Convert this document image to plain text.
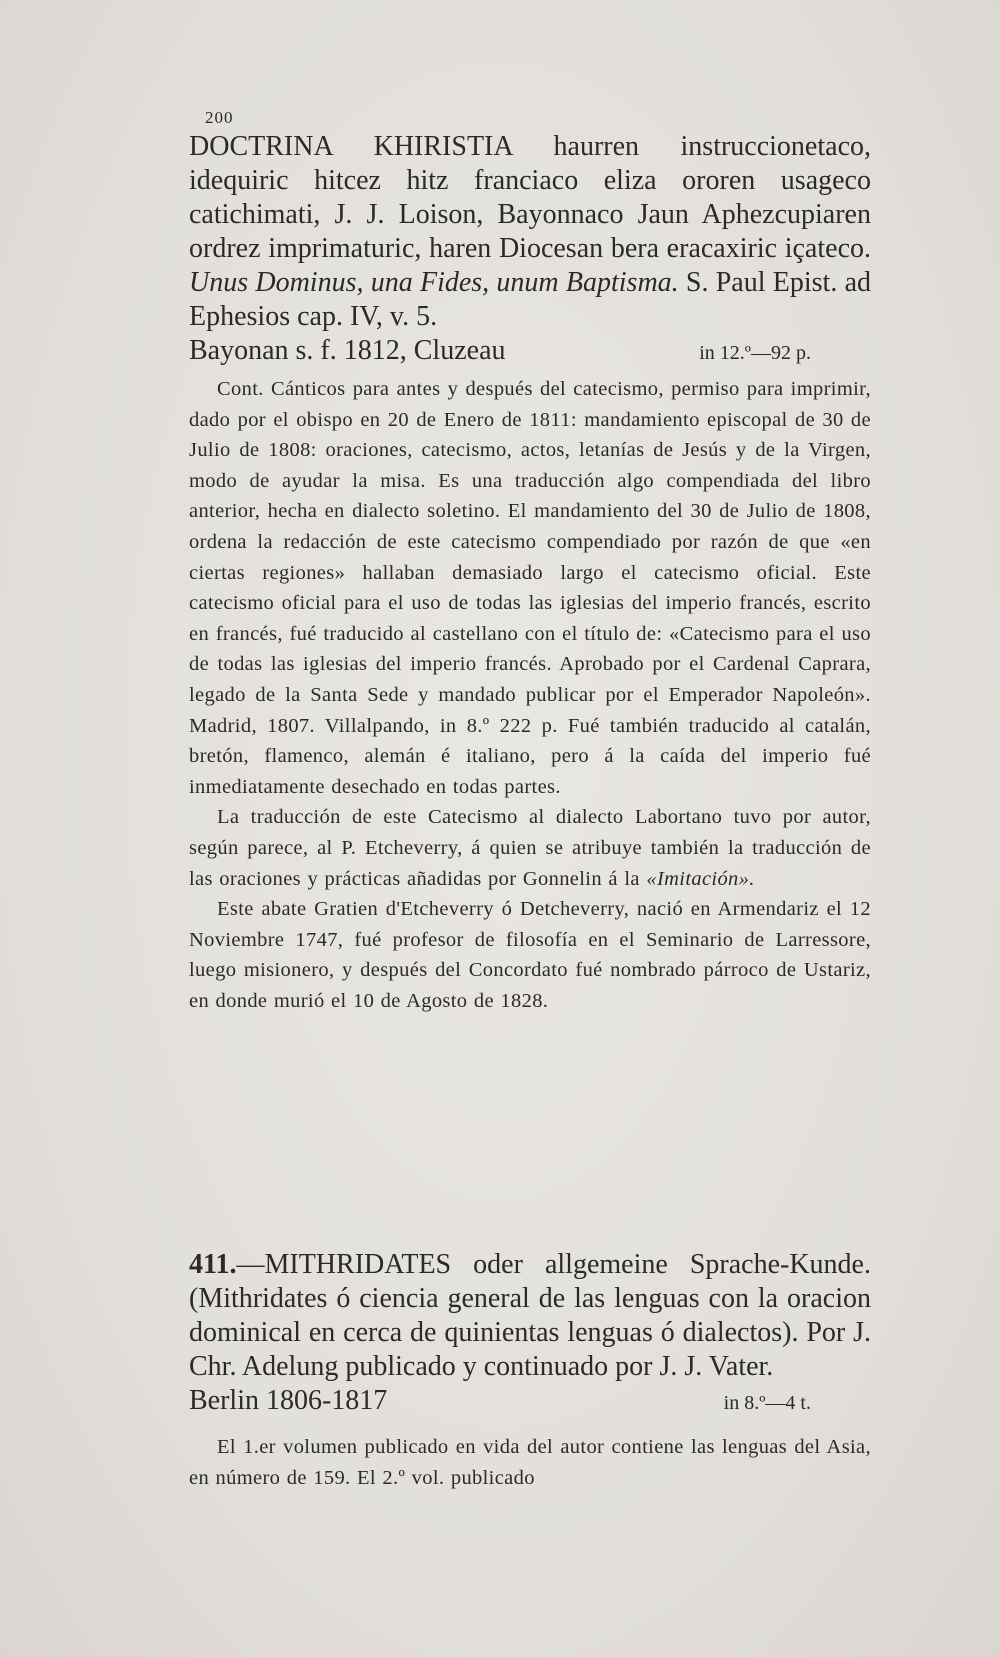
200
DOCTRINA KHIRISTIA haurren instruccionetaco, idequiric hitcez hitz franciaco eliza ororen usageco catichimati, J. J. Loison, Bayonnaco Jaun Aphezcupiaren ordrez imprimaturic, haren Diocesan bera eracaxiric içateco. Unus Dominus, una Fides, unum Baptisma. S. Paul Epist. ad Ephesios cap. IV, v. 5.
Bayonan s. f. 1812, Cluzeau	in 12.º—92 p.

Cont. Cánticos para antes y después del catecismo, permiso para imprimir, dado por el obispo en 20 de Enero de 1811: mandamiento episcopal de 30 de Julio de 1808: oraciones, catecismo, actos, letanías de Jesús y de la Virgen, modo de ayudar la misa. Es una traducción algo compendiada del libro anterior, hecha en dialecto soletino. El mandamiento del 30 de Julio de 1808, ordena la redacción de este catecismo compendiado por razón de que «en ciertas regiones» hallaban demasiado largo el catecismo oficial. Este catecismo oficial para el uso de todas las iglesias del imperio francés, escrito en francés, fué traducido al castellano con el título de: «Catecismo para el uso de todas las iglesias del imperio francés. Aprobado por el Cardenal Caprara, legado de la Santa Sede y mandado publicar por el Emperador Napoleón». Madrid, 1807. Villalpando, in 8.º 222 p. Fué también traducido al catalán, bretón, flamenco, alemán é italiano, pero á la caída del imperio fué inmediatamente desechado en todas partes.

La traducción de este Catecismo al dialecto Labortano tuvo por autor, según parece, al P. Etcheverry, á quien se atribuye también la traducción de las oraciones y prácticas añadidas por Gonnelin á la «Imitación».

Este abate Gratien d'Etcheverry ó Detcheverry, nació en Armendariz el 12 Noviembre 1747, fué profesor de filosofía en el Seminario de Larressore, luego misionero, y después del Concordato fué nombrado párroco de Ustariz, en donde murió el 10 de Agosto de 1828.

411.—MITHRIDATES oder allgemeine Sprache-Kunde. (Mithridates ó ciencia general de las lenguas con la oracion dominical en cerca de quinientas lenguas ó dialectos). Por J. Chr. Adelung publicado y continuado por J. J. Vater.
Berlin 1806-1817	in 8.º—4 t.

El 1.er volumen publicado en vida del autor contiene las lenguas del Asia, en número de 159. El 2.º vol. publicado
